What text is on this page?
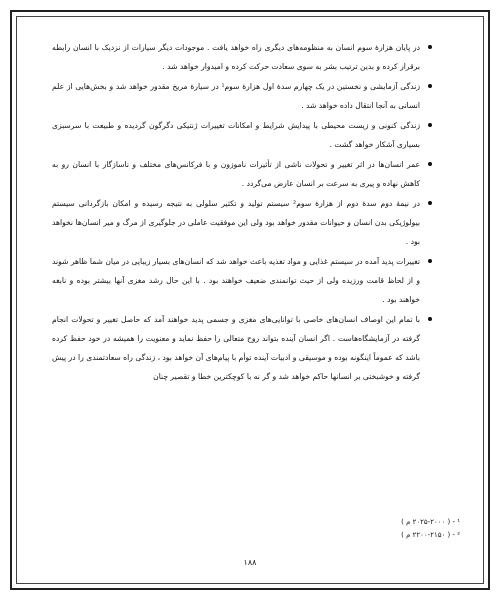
در پایان هزارهٔ سوم انسان به منظومه‌های دیگری راه خواهد یافت . موجودات دیگر سیارات از نزدیک با انسان رابطه برقرار کرده و بدین ترتیب بشر به سوی سعادت حرکت کرده و امیدوار خواهد شد .
زندگی آزمایشی و نخستین در یک چهارم سدهٔ اول هزارهٔ سوم¹ در سیارهٔ مریخ مقدور خواهد شد و بخش‌هایی از علم انسانی به آنجا انتقال داده خواهد شد .
زندگی کنونی و زیست محیطی با پیدایش شرایط و امکانات تغییرات ژنتیکی دگرگون گردیده و طبیعت با سرسبزی بسیاری آشکار خواهد گشت .
عمر انسان‌ها در اثر تغییر و تحولات ناشی از تأثیرات ناموزون و با فرکانس‌های مختلف و ناسازگار با انسان رو به کاهش نهاده و پیری به سرعت بر انسان عارض می‌گردد .
در نیمهٔ دوم سدهٔ دوم از هزارهٔ سوم² سیستم تولید و تکثیر سلولی به نتیجه رسیده و امکان بازگردانی سیستم بیولوژیکی بدن انسان و حیوانات مقدور خواهد بود ولی این موفقیت عاملی در جلوگیری از مرگ و میر انسان‌ها نخواهد بود .
تغییرات پدید آمده در سیستم غذایی و مواد تغذیه باعث خواهد شد که انسان‌های بسیار زیبایی در میان شما ظاهر شوند و از لحاظ قامت ورزیده ولی از حیث توانمندی ضعیف خواهند بود . با این حال رشد مغزی آنها بیشتر بوده و نابغه خواهند بود .
با تمام این اوصاف انسان‌های خاصی با توانایی‌های مغزی و جسمی پدید خواهند آمد که حاصل تغییر و تحولات انجام گرفته در آزمایشگاه‌هاست . اگر انسان آینده بتواند روح متعالی را حفظ نماید و معنویت را همیشه در خود حفظ کرده باشد که عموماً اینگونه بوده و موسیقی و ادبیات آینده توأم با پیام‌های آن خواهد بود ، زندگی راه سعادتمندی را در پیش گرفته و خوشبختی بر انسانها حاکم خواهد شد و گر نه با کوچکترین خطا و تقصیر چنان
¹ - ( ۲۰۲۵-۲۰۰۰ م )
² - ( ۲۲۰۰-۲۱۵۰ م )
۱۸۸
